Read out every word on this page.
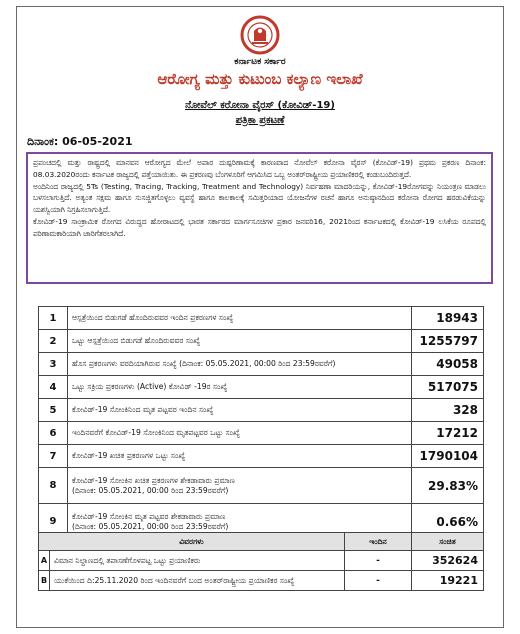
ಕರ್ನಾಟಕ ಸರ್ಕಾರ
ಆರೋಗ್ಯ ಮತ್ತು ಕುಟುಂಬ ಕಲ್ಯಾಣ ಇಲಾಖೆ
ನೋವೆಲ್ ಕರೋನಾ ವೈರಸ್ (ಕೋವಿಡ್-19)
ಪತ್ರಿಕಾ ಪ್ರಕಟಣೆ
ದಿನಾಂಕ: 06-05-2021

ಪ್ರಪಂಚದಲ್ಲಿ ಮತ್ತು ರಾಷ್ಟ್ರದಲ್ಲಿ ಮಾನವನ ಆರೋಗ್ಯದ ಮೇಲೆ ಅಪಾರ ದುಷ್ಪರಿಣಾಮಕ್ಕೆ ಕಾರಣವಾದ ನೋವೆಲ್ ಕರೋನಾ ವೈರಸ್ (ಕೋವಿಡ್-19) ಪ್ರಥಮ ಪ್ರಕರಣ ದಿನಾಂಕ: 08.03.2020ರಂದು ಕರ್ನಾಟಕ ರಾಜ್ಯದಲ್ಲಿ ಪತ್ತೆಯಾಯಿತು. ಈ ಪ್ರಕರಣವು ಬೆಂಗಳೂರಿಗೆ ಆಗಮಿಸಿದ ಒಬ್ಬ ಅಂತರ್‌ರಾಷ್ಟ್ರೀಯ ಪ್ರಯಾಣಿಕರಲ್ಲಿ ಕಂಡುಬಂದಿರುತ್ತದೆ.

ಅಂದಿನಿಂದ ರಾಜ್ಯದಲ್ಲಿ 5Ts (Testing, Tracing, Tracking, Treatment and Technology) ನಿರ್ವಹಣಾ ಮಾದರಿಯನ್ನು, ಕೋವಿಡ್-19ರೋಗವನ್ನು ನಿಯಂತ್ರಣ ಮಾಡಲು ಬಳಸಲಾಗುತ್ತಿದೆ. ಅತ್ಯಂತ ಸಕ್ಷಮ ಹಾಗೂ ಸುಸಜ್ಜಿತಗೊಳ್ಳಲು ವ್ಯವಸ್ಥೆ ಹಾಗೂ ಕಾಲಕಾಲಕ್ಕೆ ಸಮಿತ್ತರಿಯಾದ ಯೋಜನೆಗಳ ರಚನೆ ಹಾಗೂ ಅನುಷ್ಠಾನದಿಂದ ಕರೋನಾ ರೋಗದ ಹರಡುವಿಕೆಯನ್ನು ಯಶಸ್ವಿಯಾಗಿ ನಿಗ್ರಹಿಸಲಾಗುತ್ತಿದೆ.

ಕೋವಿಡ್-19 ಸಾಂಕ್ರಾಮಿಕ ರೋಗದ ವಿರುದ್ಧದ ಹೋರಾಟದಲ್ಲಿ ಭಾರತ ಸರ್ಕಾರದ ಮಾರ್ಗಸೂಚಿಗಳ ಪ್ರಕಾರ ಜನವರಿ16, 2021ರಿಂದ ಕರ್ನಾಟಕದಲ್ಲಿ ಕೋವಿಡ್-19 ಲಸಿಕೆಯ ರೂಪದಲ್ಲಿ ಪರಿಣಾಮಕಾರಿಯಾಗಿ ಜಾರಿಗೆತರಲಾಗಿದೆ.

1	ಆಸ್ಪತ್ರೆಯಿಂದ ಬಿಡುಗಡೆ ಹೊಂದಿರುವವರ ಇಂದಿನ ಪ್ರಕರಣಗಳ ಸಂಖ್ಯೆ	18943
2	ಒಟ್ಟು ಆಸ್ಪತ್ರೆಯಿಂದ ಬಿಡುಗಡೆ ಹೊಂದಿರುವವರ ಸಂಖ್ಯೆ	1255797
3	ಹೊಸ ಪ್ರಕರಣಗಳು ವರದಿಯಾಗಿರುವ ಸಂಖ್ಯೆ (ದಿನಾಂಕ: 05.05.2021, 00:00 ರಿಂದ 23:59ರವರೆಗೆ)	49058
4	ಒಟ್ಟು ಸಕ್ರಿಯ ಪ್ರಕರಣಗಳು (Active) ಕೋವಿಡ್ -19ರ ಸಂಖ್ಯೆ	517075
5	ಕೋವಿಡ್-19 ಸೋಂಕಿನಿಂದ ಮೃತ ಪಟ್ಟವರ ಇಂದಿನ ಸಂಖ್ಯೆ	328
6	ಇಂದಿನವರೆಗೆ ಕೋವಿಡ್-19 ಸೋಂಕಿನಿಂದ ಮೃತಪಟ್ಟವರ ಒಟ್ಟು ಸಂಖ್ಯೆ	17212
7	ಕೋವಿಡ್-19 ಖಚಿತ ಪ್ರಕರಣಗಳ ಒಟ್ಟು ಸಂಖ್ಯೆ	1790104
8	ಕೋವಿಡ್-19 ಸೋಂಕಿನ ಖಚಿತ ಪ್ರಕರಣಗಳ ಶೇಕಡಾವಾರು ಪ್ರಮಾಣ
(ದಿನಾಂಕ: 05.05.2021, 00:00 ರಿಂದ 23:59ರವರೆಗೆ)	29.83%
9	ಕೋವಿಡ್-19 ಸೋಂಕಿನ ಮೃತ ಪಟ್ಟವರ ಶೇಕಡಾವಾರು ಪ್ರಮಾಣ
(ದಿನಾಂಕ: 05.05.2021, 00:00 ರಿಂದ 23:59ರವರೆಗೆ)	0.66%
ವಿವರಗಳು		ಇಂದಿನ	ಸಂಚಿತ
A	ವಿಮಾನ ನಿಲ್ದಾಣದಲ್ಲಿ ತಪಾಸಣೆಗೊಳಪಟ್ಟ ಒಟ್ಟು ಪ್ರಯಾಣಿಕರು	-	352624
B	ಯುಕೆಯಿಂದ ದಿ:25.11.2020 ರಿಂದ ಇಂದಿನವರೆಗೆ ಬಂದ ಅಂತರ್‌ರಾಷ್ಟ್ರೀಯ ಪ್ರಯಾಣಿಕರ ಸಂಖ್ಯೆ	-	19221
